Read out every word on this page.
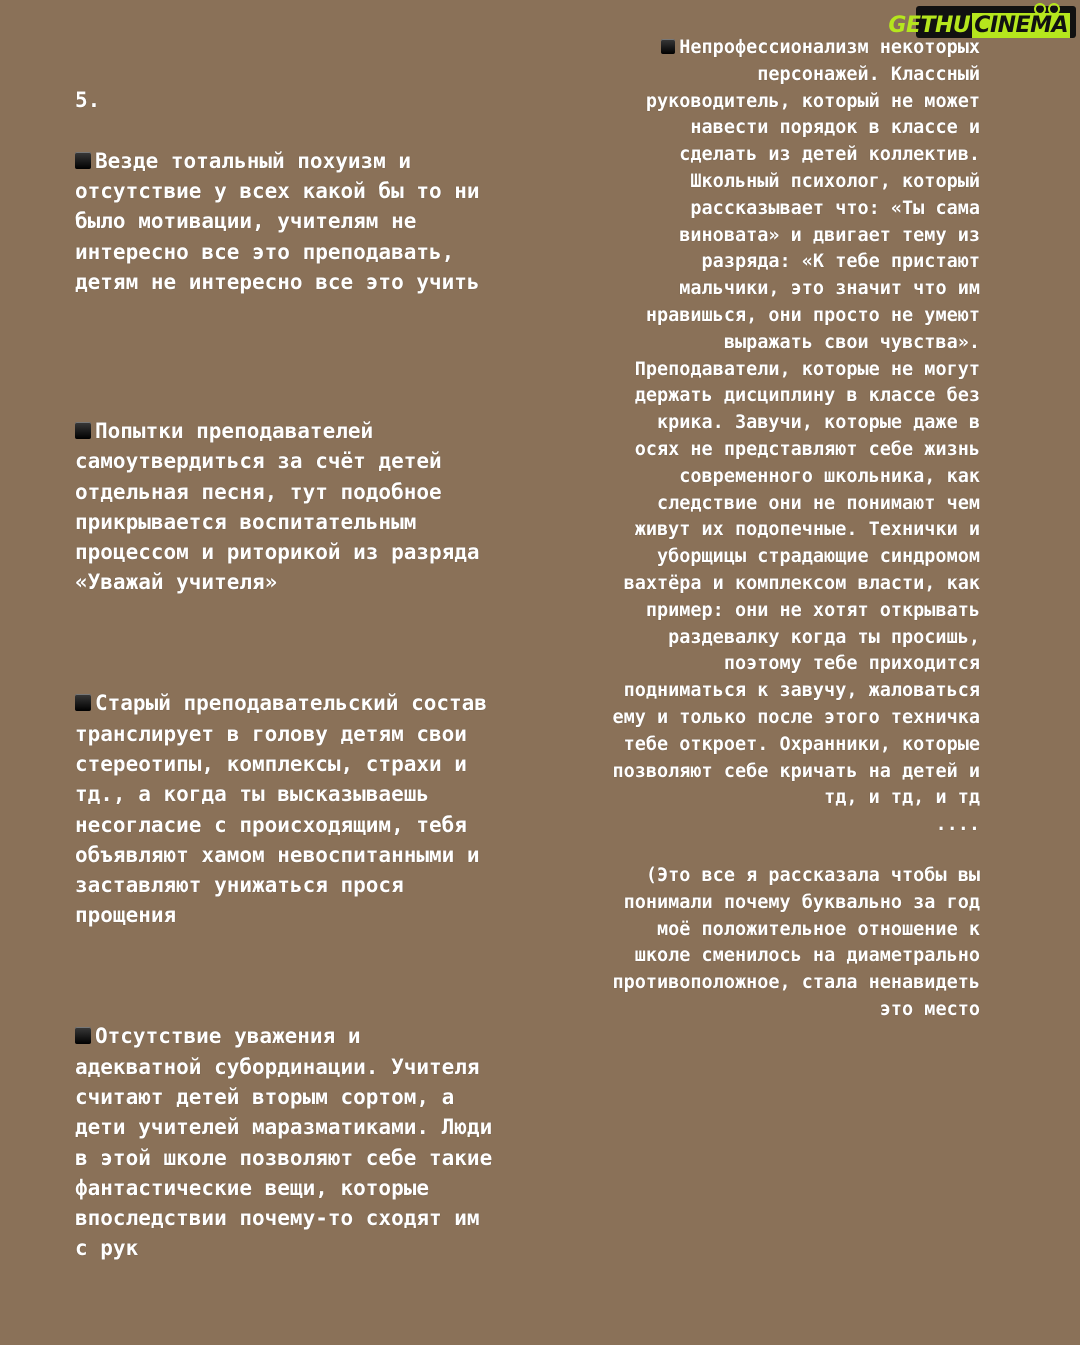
GETHU CINEMA

5.

Везде тотальный похуизм и отсутствие у всех какой бы то ни было мотивации, учителям не интересно все это преподавать, детям не интересно все это учить

Попытки преподавателей самоутвердиться за счёт детей отдельная песня, тут подобное прикрывается воспитательным процессом и риторикой из разряда «Уважай учителя»

Старый преподавательский состав транслирует в голову детям свои стереотипы, комплексы, страхи и тд., а когда ты высказываешь несогласие с происходящим, тебя объявляют хамом невоспитанными и заставляют унижаться прося прощения

Отсутствие уважения и адекватной субординации. Учителя считают детей вторым сортом, а дети учителей маразматиками. Люди в этой школе позволяют себе такие фантастические вещи, которые впоследствии почему-то сходят им с рук

Непрофессионализм некоторых персонажей. Классный руководитель, который не может навести порядок в классе и сделать из детей коллектив. Школьный психолог, который рассказывает что: «Ты сама виновата» и двигает тему из разряда: «К тебе пристают мальчики, это значит что им нравишься, они просто не умеют выражать свои чувства». Преподаватели, которые не могут держать дисциплину в классе без крика. Завучи, которые даже в осях не представляют себе жизнь современного школьника, как следствие они не понимают чем живут их подопечные. Технички и уборщицы страдающие синдромом вахтёра и комплексом власти, как пример: они не хотят открывать раздевалку когда ты просишь, поэтому тебе приходится подниматься к завучу, жаловаться ему и только после этого техничка тебе откроет. Охранники, которые позволяют себе кричать на детей и тд, и тд, и тд
....
(Это все я рассказала чтобы вы понимали почему буквально за год моё положительное отношение к школе сменилось на диаметрально противоположное, стала ненавидеть это место
